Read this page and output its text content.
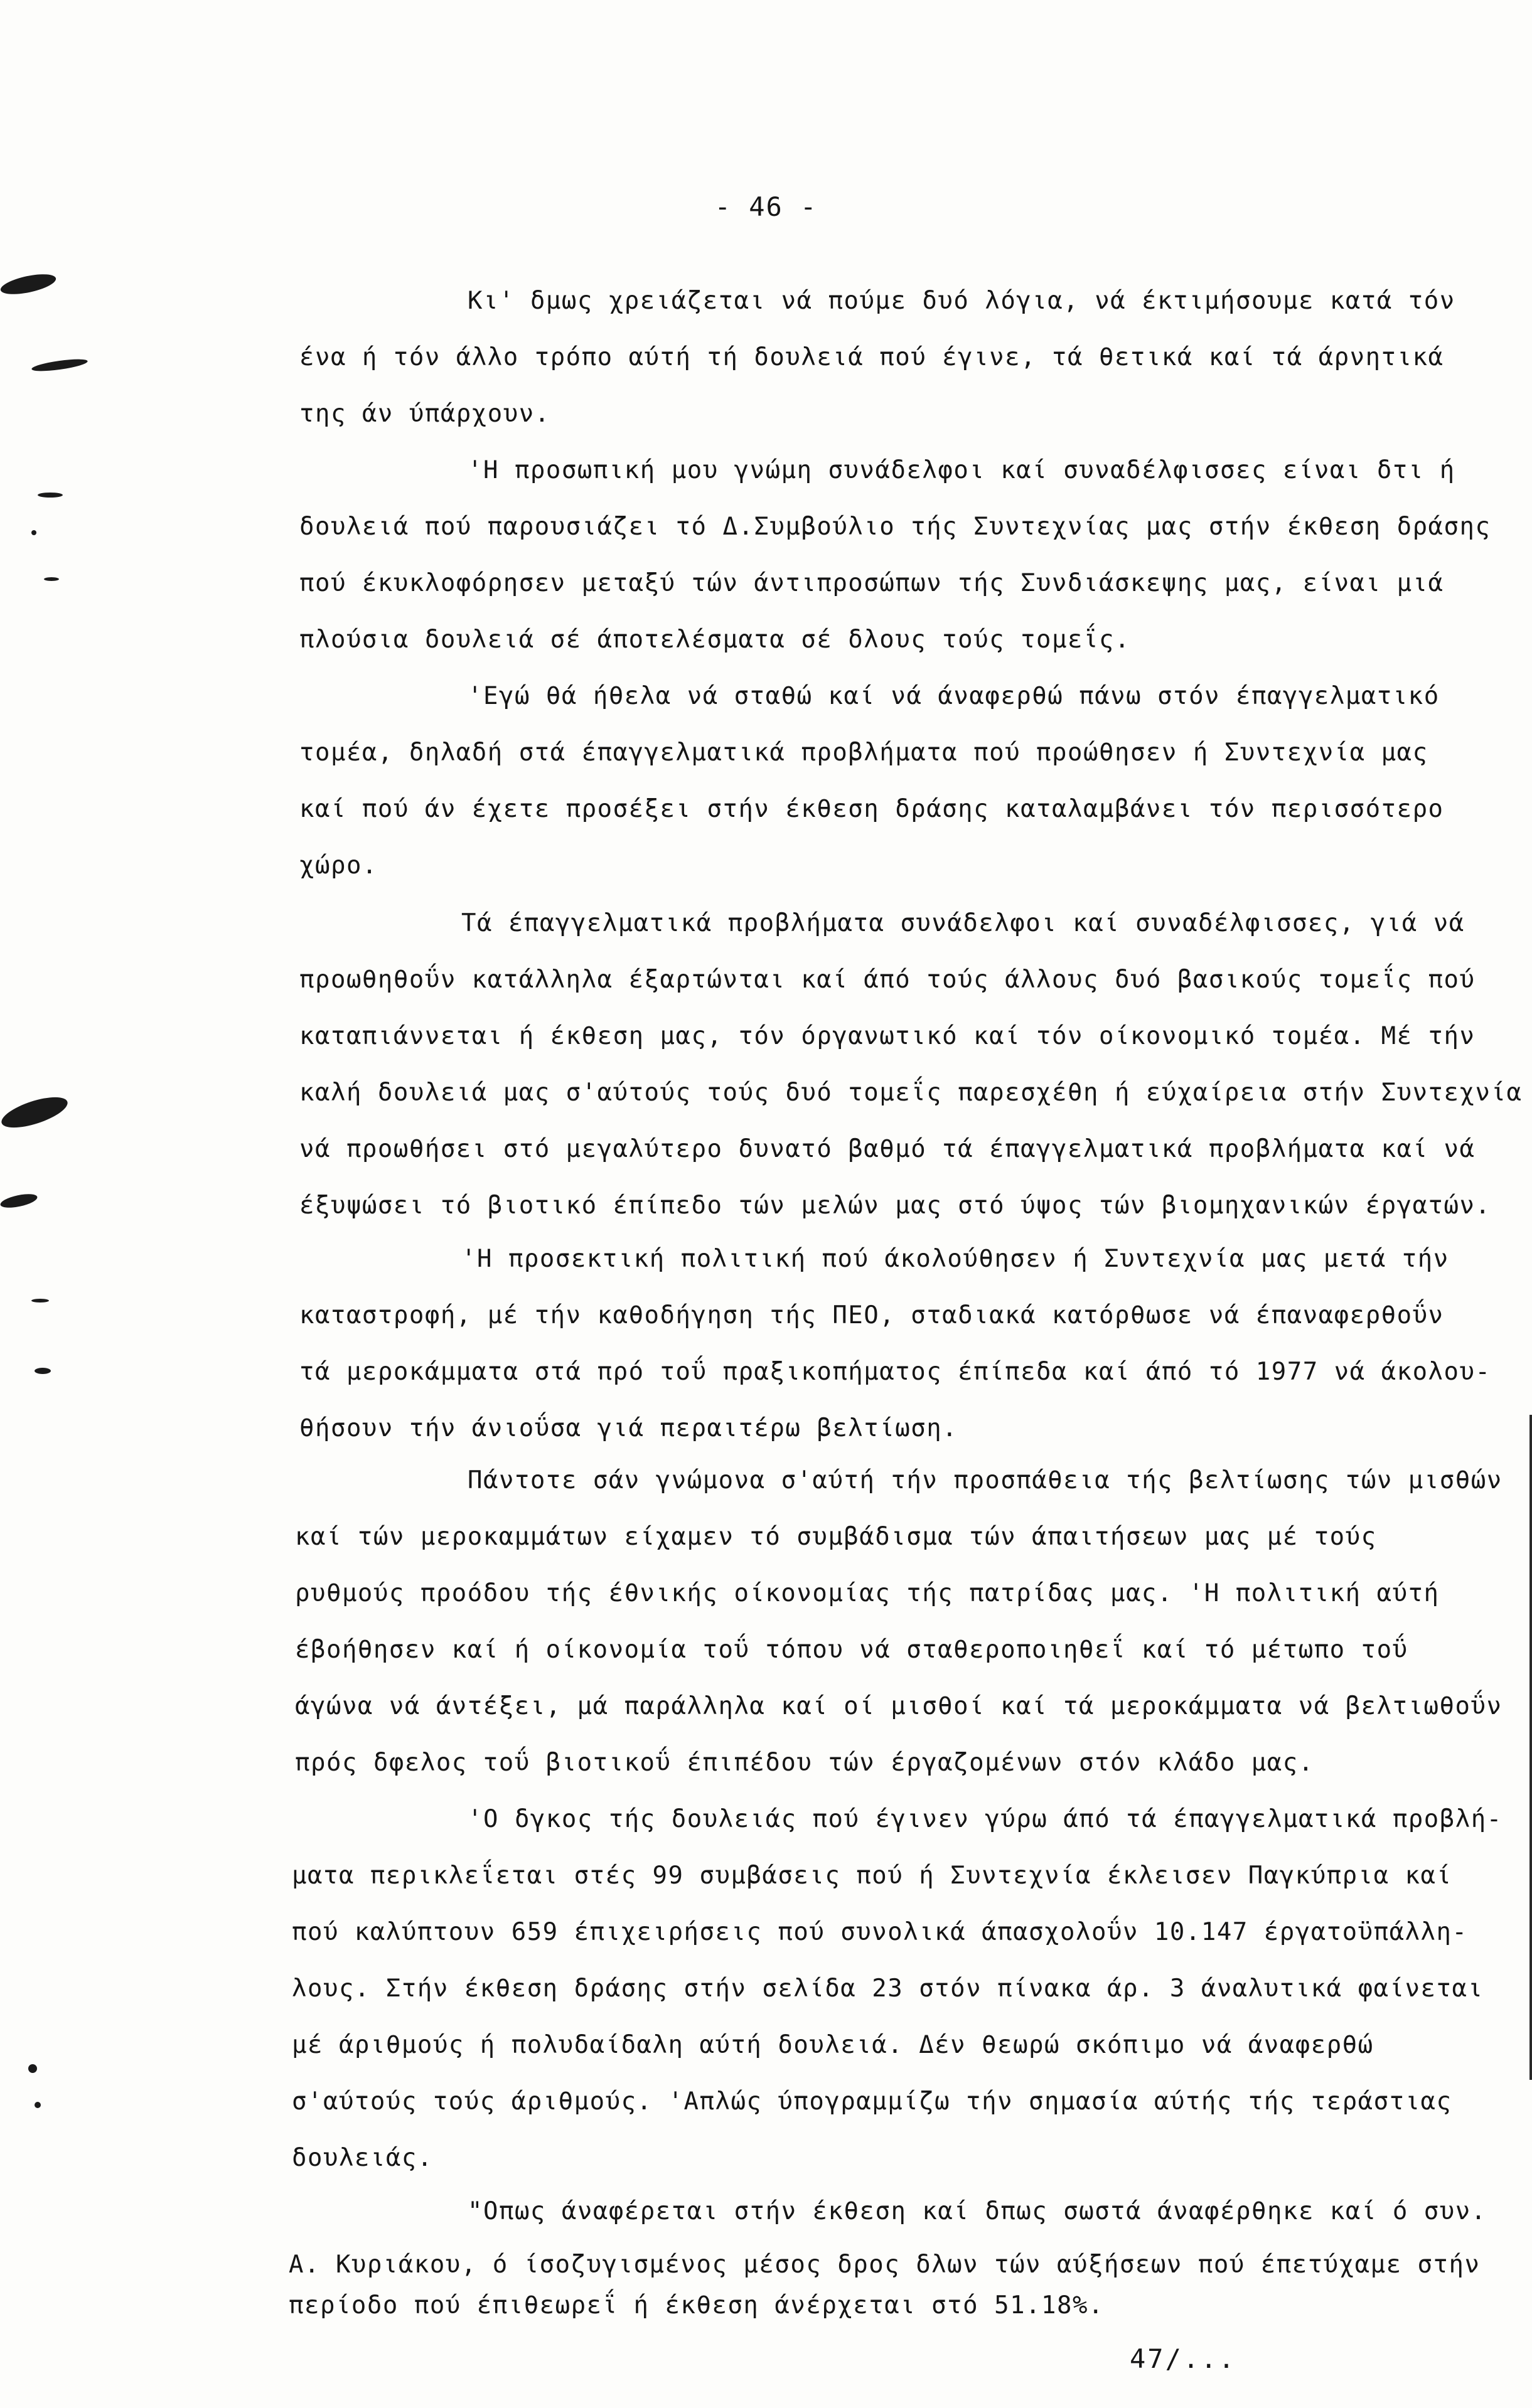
- 46 -
Κι' δμως χρειάζεται νά πούμε δυό λόγια, νά έκτιμήσουμε κατά τόν
ένα ή τόν άλλο τρόπο αύτή τή δουλειά πού έγινε, τά θετικά καί τά άρνητικά
της άν ύπάρχουν.
'Η προσωπική μου γνώμη συνάδελφοι καί συναδέλφισσες είναι δτι ή
δουλειά πού παρουσιάζει τό Δ.Συμβούλιο τής Συντεχνίας μας στήν έκθεση δράσης
πού έκυκλοφόρησεν μεταξύ τών άντιπροσώπων τής Συνδιάσκεψης μας, είναι μιά
πλούσια δουλειά σέ άποτελέσματα σέ δλους τούς τομεΐς.
'Εγώ θά ήθελα νά σταθώ καί νά άναφερθώ πάνω στόν έπαγγελματικό
τομέα, δηλαδή στά έπαγγελματικά προβλήματα πού προώθησεν ή Συντεχνία μας
καί πού άν έχετε προσέξει στήν έκθεση δράσης καταλαμβάνει τόν περισσότερο
χώρο.
Τά έπαγγελματικά προβλήματα συνάδελφοι καί συναδέλφισσες, γιά νά
προωθηθοΰν κατάλληλα έξαρτώνται καί άπό τούς άλλους δυό βασικούς τομεΐς πού
καταπιάννεται ή έκθεση μας, τόν όργανωτικό καί τόν οίκονομικό τομέα. Μέ τήν
καλή δουλειά μας σ'αύτούς τούς δυό τομεΐς παρεσχέθη ή εύχαίρεια στήν Συντεχνία
νά προωθήσει στό μεγαλύτερο δυνατό βαθμό τά έπαγγελματικά προβλήματα καί νά
έξυψώσει τό βιοτικό έπίπεδο τών μελών μας στό ύψος τών βιομηχανικών έργατών.
'Η προσεκτική πολιτική πού άκολούθησεν ή Συντεχνία μας μετά τήν
καταστροφή, μέ τήν καθοδήγηση τής ΠΕΟ, σταδιακά κατόρθωσε νά έπαναφερθοΰν
τά μεροκάμματα στά πρό τοΰ πραξικοπήματος έπίπεδα καί άπό τό 1977 νά άκολου-
θήσουν τήν άνιοΰσα γιά περαιτέρω βελτίωση.
Πάντοτε σάν γνώμονα σ'αύτή τήν προσπάθεια τής βελτίωσης τών μισθών
καί τών μεροκαμμάτων είχαμεν τό συμβάδισμα τών άπαιτήσεων μας μέ τούς
ρυθμούς προόδου τής έθνικής οίκονομίας τής πατρίδας μας. 'Η πολιτική αύτή
έβοήθησεν καί ή οίκονομία τοΰ τόπου νά σταθεροποιηθεΐ καί τό μέτωπο τοΰ
άγώνα νά άντέξει, μά παράλληλα καί οί μισθοί καί τά μεροκάμματα νά βελτιωθοΰν
πρός δφελος τοΰ βιοτικοΰ έπιπέδου τών έργαζομένων στόν κλάδο μας.
'Ο δγκος τής δουλειάς πού έγινεν γύρω άπό τά έπαγγελματικά προβλή-
ματα περικλεΐεται στές 99 συμβάσεις πού ή Συντεχνία έκλεισεν Παγκύπρια καί
πού καλύπτουν 659 έπιχειρήσεις πού συνολικά άπασχολοΰν 10.147 έργατοϋπάλλη-
λους. Στήν έκθεση δράσης στήν σελίδα 23 στόν πίνακα άρ. 3 άναλυτικά φαίνεται
μέ άριθμούς ή πολυδαίδαλη αύτή δουλειά. Δέν θεωρώ σκόπιμο νά άναφερθώ
σ'αύτούς τούς άριθμούς. 'Απλώς ύπογραμμίζω τήν σημασία αύτής τής τεράστιας
δουλειάς.
"Οπως άναφέρεται στήν έκθεση καί δπως σωστά άναφέρθηκε καί ό συν.
Α. Κυριάκου, ό ίσοζυγισμένος μέσος δρος δλων τών αύξήσεων πού έπετύχαμε στήν
περίοδο πού έπιθεωρεΐ ή έκθεση άνέρχεται στό 51.18%.
47/...
